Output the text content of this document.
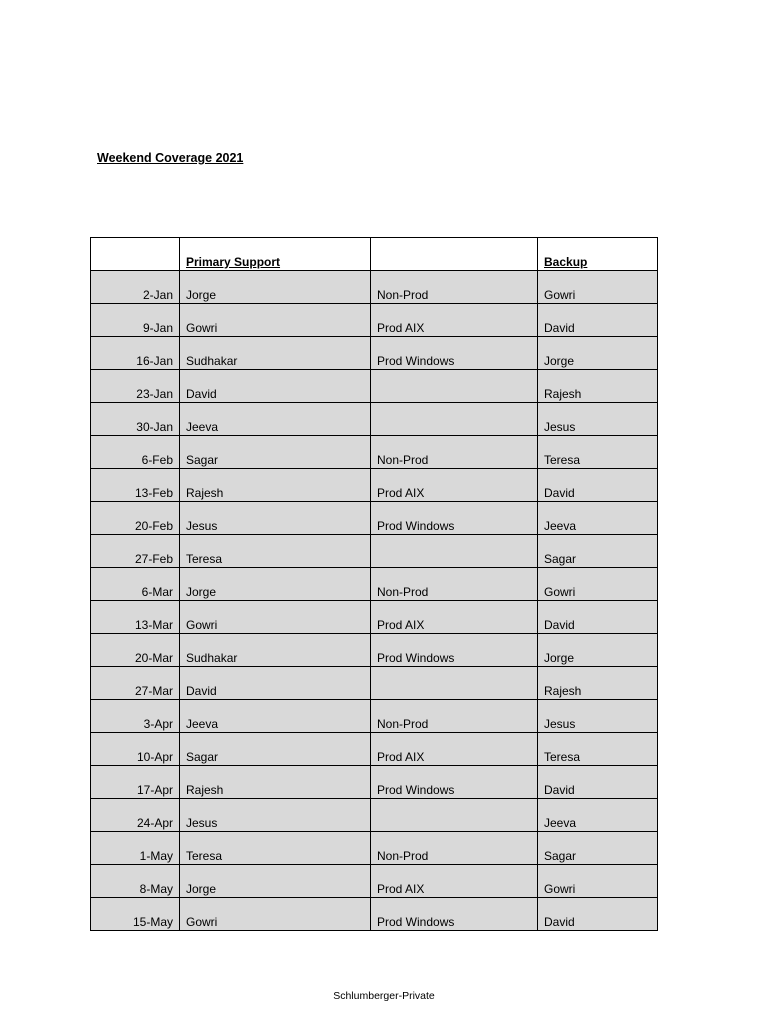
Weekend Coverage 2021
	Primary Support		Backup
2-Jan	Jorge	Non-Prod	Gowri
9-Jan	Gowri	Prod AIX	David
16-Jan	Sudhakar	Prod Windows	Jorge
23-Jan	David		Rajesh
30-Jan	Jeeva		Jesus
6-Feb	Sagar	Non-Prod	Teresa
13-Feb	Rajesh	Prod AIX	David
20-Feb	Jesus	Prod Windows	Jeeva
27-Feb	Teresa		Sagar
6-Mar	Jorge	Non-Prod	Gowri
13-Mar	Gowri	Prod AIX	David
20-Mar	Sudhakar	Prod Windows	Jorge
27-Mar	David		Rajesh
3-Apr	Jeeva	Non-Prod	Jesus
10-Apr	Sagar	Prod AIX	Teresa
17-Apr	Rajesh	Prod Windows	David
24-Apr	Jesus		Jeeva
1-May	Teresa	Non-Prod	Sagar
8-May	Jorge	Prod AIX	Gowri
15-May	Gowri	Prod Windows	David
Schlumberger-Private
